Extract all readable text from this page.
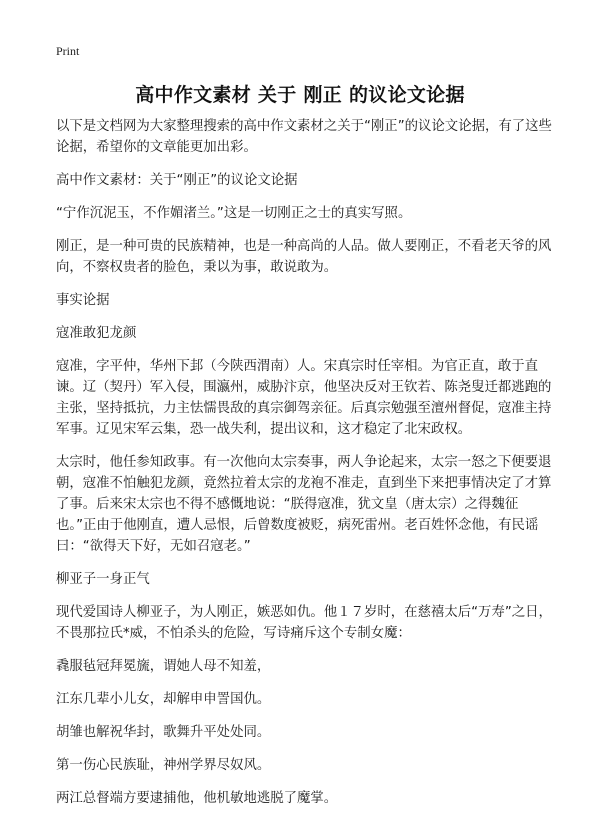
Print
高中作文素材 关于 刚正 的议论文论据

以下是文档网为大家整理搜索的高中作文素材之关于“刚正”的议论文论据，有了这些论据，希望你的文章能更加出彩。

高中作文素材：关于“刚正”的议论文论据

“宁作沉泥玉，不作媚渚兰。”这是一切刚正之士的真实写照。

刚正，是一种可贵的民族精神，也是一种高尚的人品。做人要刚正，不看老天爷的风向，不察权贵者的脸色，秉以为事，敢说敢为。

事实论据

寇准敢犯龙颜

寇准，字平仲，华州下邽（今陕西渭南）人。宋真宗时任宰相。为官正直，敢于直谏。辽（契丹）军入侵，围瀛州，威胁汴京，他坚决反对王钦若、陈尧叟迁都逃跑的主张，坚持抵抗，力主怯懦畏敌的真宗御驾亲征。后真宗勉强至澶州督促，寇准主持军事。辽见宋军云集，恐一战失利，提出议和，这才稳定了北宋政权。

太宗时，他任参知政事。有一次他向太宗奏事，两人争论起来，太宗一怒之下便要退朝，寇准不怕触犯龙颜，竟然拉着太宗的龙袍不准走，直到坐下来把事情决定了才算了事。后来宋太宗也不得不感慨地说：“朕得寇准，犹文皇（唐太宗）之得魏征也。”正由于他刚直，遭人忌恨，后曾数度被贬，病死雷州。老百姓怀念他，有民谣曰：“欲得天下好，无如召寇老。”

柳亚子一身正气

现代爱国诗人柳亚子，为人刚正，嫉恶如仇。他１７岁时，在慈禧太后“万寿”之日，不畏那拉氏*威，不怕杀头的危险，写诗痛斥这个专制女魔：

毳服毡冠拜冕旒，谓她人母不知羞，

江东几辈小儿女，却解申申詈国仇。

胡雏也解祝华封，歌舞升平处处同。

第一伤心民族耻，神州学界尽奴风。

两江总督端方要逮捕他，他机敏地逃脱了魔掌。
